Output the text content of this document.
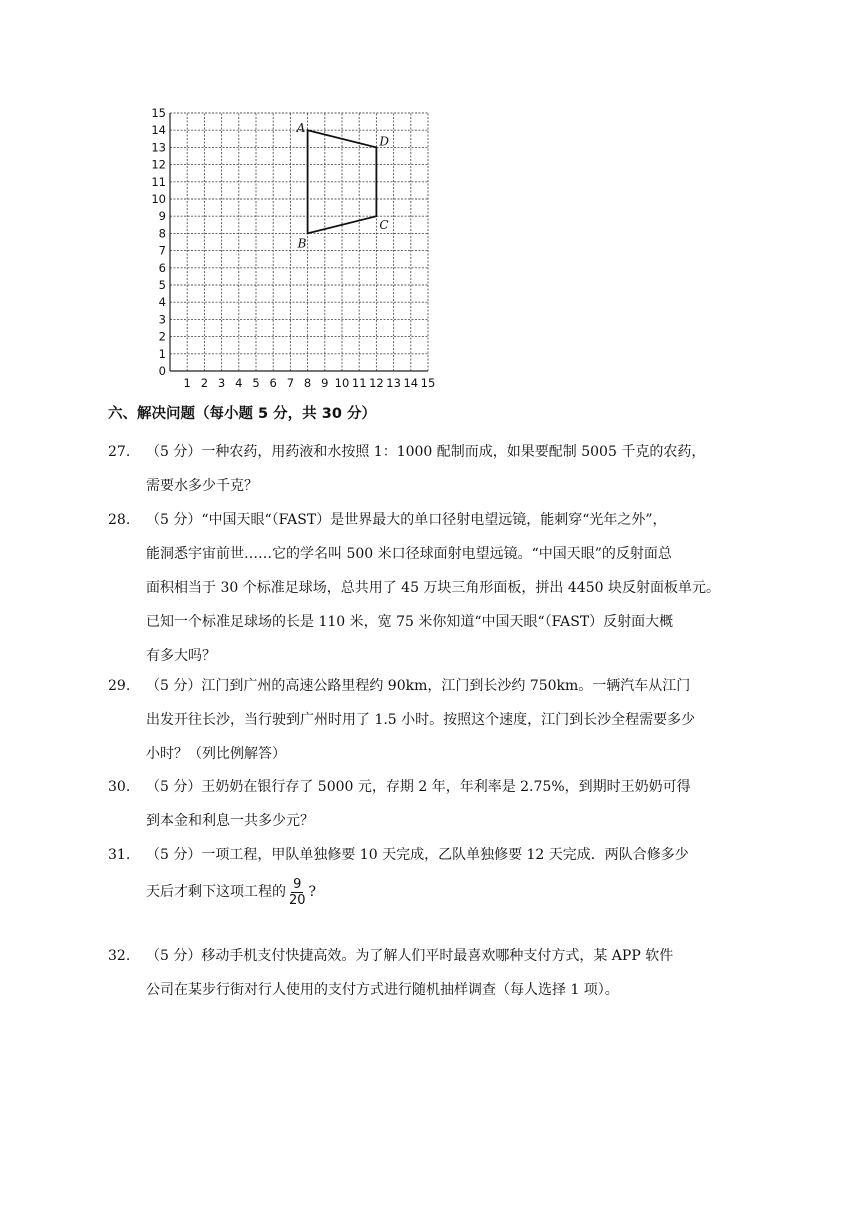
0
1
2
3
4
5
6
7
8
9
10
11
12
13
14
15
1 2 3 4 5 6 7 8 9 10 11 12 13 14 15
A
D
C
B
六、解决问题（每小题 5 分，共 30 分）
27. （5 分）一种农药，用药液和水按照 1：1000 配制而成，如果要配制 5005 千克的农药，
需要水多少千克？
28. （5 分）“中国天眼“（FAST）是世界最大的单口径射电望远镜，能刺穿“光年之外”，
能洞悉宇宙前世……它的学名叫 500 米口径球面射电望远镜。“中国天眼”的反射面总
面积相当于 30 个标准足球场，总共用了 45 万块三角形面板，拼出 4450 块反射面板单元。
已知一个标准足球场的长是 110 米，宽 75 米你知道“中国天眼“（FAST）反射面大概
有多大吗？
29. （5 分）江门到广州的高速公路里程约 90km，江门到长沙约 750km。一辆汽车从江门
出发开往长沙，当行驶到广州时用了 1.5 小时。按照这个速度，江门到长沙全程需要多少
小时？（列比例解答）
30. （5 分）王奶奶在银行存了 5000 元，存期 2 年，年利率是 2.75%，到期时王奶奶可得
到本金和利息一共多少元？
31. （5 分）一项工程，甲队单独修要 10 天完成，乙队单独修要 12 天完成．两队合修多少
天后才剩下这项工程的 $\frac{9}{20}$ ?
32. （5 分）移动手机支付快捷高效。为了解人们平时最喜欢哪种支付方式，某 APP 软件
公司在某步行街对行人使用的支付方式进行随机抽样调查（每人选择 1 项）。
